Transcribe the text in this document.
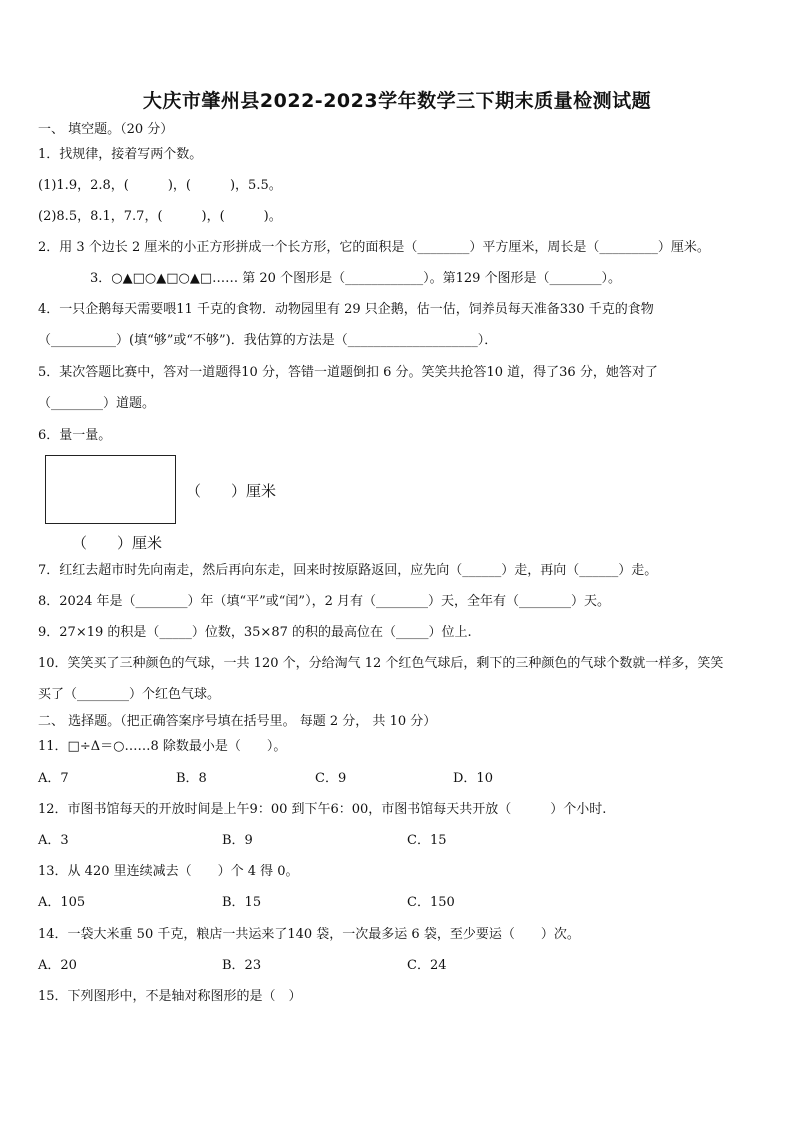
大庆市肇州县2022-2023学年数学三下期末质量检测试题
一、 填空题。（20 分）
1．找规律，接着写两个数。
(1)1.9，2.8，(　　　)，(　　　)，5.5。
(2)8.5，8.1，7.7，(　　　)，(　　　)。
2．用 3 个边长 2 厘米的小正方形拼成一个长方形，它的面积是（________）平方厘米，周长是（_________）厘米。
3．○▲□○▲□○▲□…… 第 20 个图形是（____________）。第129 个图形是（________）。
4．一只企鹅每天需要喂11 千克的食物．动物园里有 29 只企鹅，估一估，饲养员每天准备330 千克的食物
（__________）(填“够”或“不够”)．我估算的方法是（____________________）．
5．某次答题比赛中，答对一道题得10 分，答错一道题倒扣 6 分。笑笑共抢答10 道，得了36 分，她答对了
（________）道题。
6．量一量。
（　　）厘米
（　　）厘米
7．红红去超市时先向南走，然后再向东走，回来时按原路返回，应先向（______）走，再向（______）走。
8．2024 年是（________）年（填“平”或“闰”），2 月有（________）天，全年有（________）天。
9．27×19 的积是（_____）位数，35×87 的积的最高位在（_____）位上.
10．笑笑买了三种颜色的气球，一共 120 个，分给淘气 12 个红色气球后，剩下的三种颜色的气球个数就一样多，笑笑
买了（________）个红色气球。
二、 选择题。（把正确答案序号填在括号里。 每题 2 分， 共 10 分）
11．□÷Δ＝○……8 除数最小是（　　）。
A．7	B．8	C．9	D．10
12．市图书馆每天的开放时间是上午9：00 到下午6：00，市图书馆每天共开放（　　　）个小时.
A．3	B．9	C．15
13．从 420 里连续减去（　　）个 4 得 0。
A．105	B．15	C．150
14．一袋大米重 50 千克，粮店一共运来了140 袋，一次最多运 6 袋，至少要运（　　）次。
A．20	B．23	C．24
15．下列图形中，不是轴对称图形的是（　）
